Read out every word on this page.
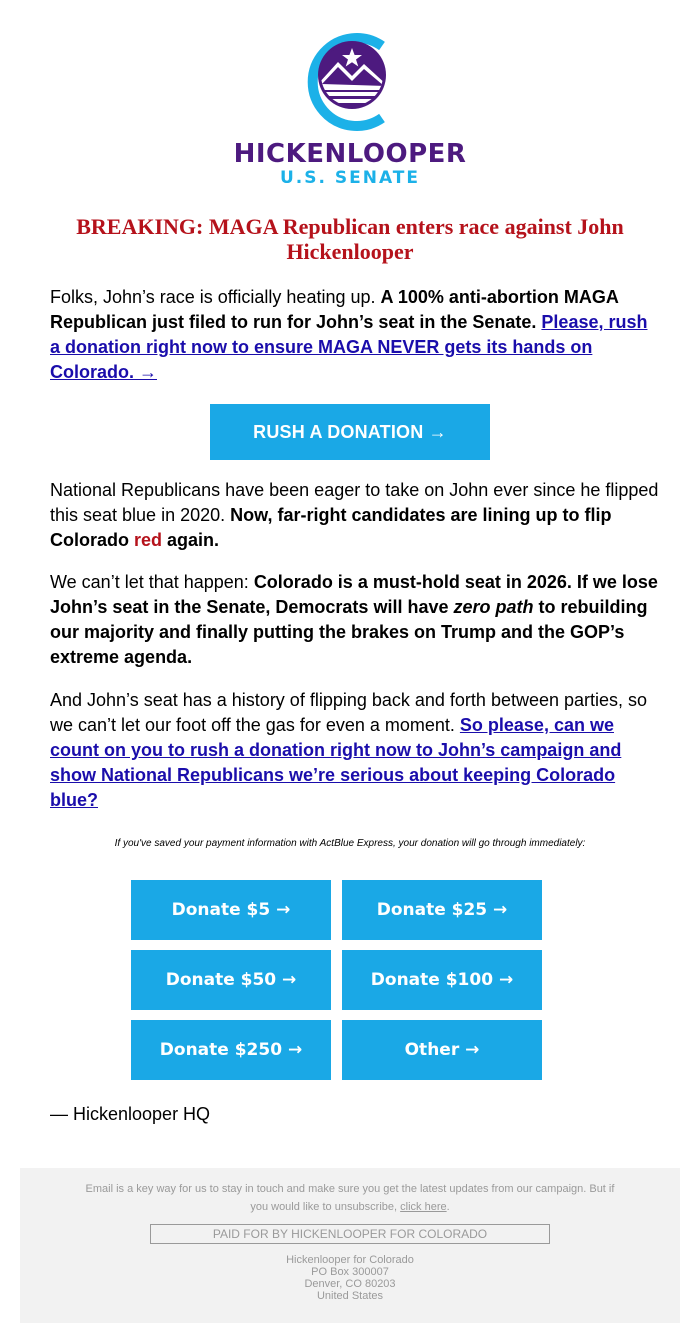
HICKENLOOPER
U.S. SENATE
BREAKING: MAGA Republican enters race against John Hickenlooper
Folks, John’s race is officially heating up. A 100% anti-abortion MAGA Republican just filed to run for John’s seat in the Senate. Please, rush a donation right now to ensure MAGA NEVER gets its hands on Colorado. →
RUSH A DONATION →
National Republicans have been eager to take on John ever since he flipped this seat blue in 2020. Now, far-right candidates are lining up to flip Colorado red again.
We can’t let that happen: Colorado is a must-hold seat in 2026. If we lose John’s seat in the Senate, Democrats will have zero path to rebuilding our majority and finally putting the brakes on Trump and the GOP’s extreme agenda.
And John’s seat has a history of flipping back and forth between parties, so we can’t let our foot off the gas for even a moment. So please, can we count on you to rush a donation right now to John’s campaign and show National Republicans we’re serious about keeping Colorado blue?
If you've saved your payment information with ActBlue Express, your donation will go through immediately:
Donate $5 →	Donate $25 →
Donate $50 →	Donate $100 →
Donate $250 →	Other →
— Hickenlooper HQ
Email is a key way for us to stay in touch and make sure you get the latest updates from our campaign. But if you would like to unsubscribe, click here.
PAID FOR BY HICKENLOOPER FOR COLORADO
Hickenlooper for Colorado
PO Box 300007
Denver, CO 80203
United States
